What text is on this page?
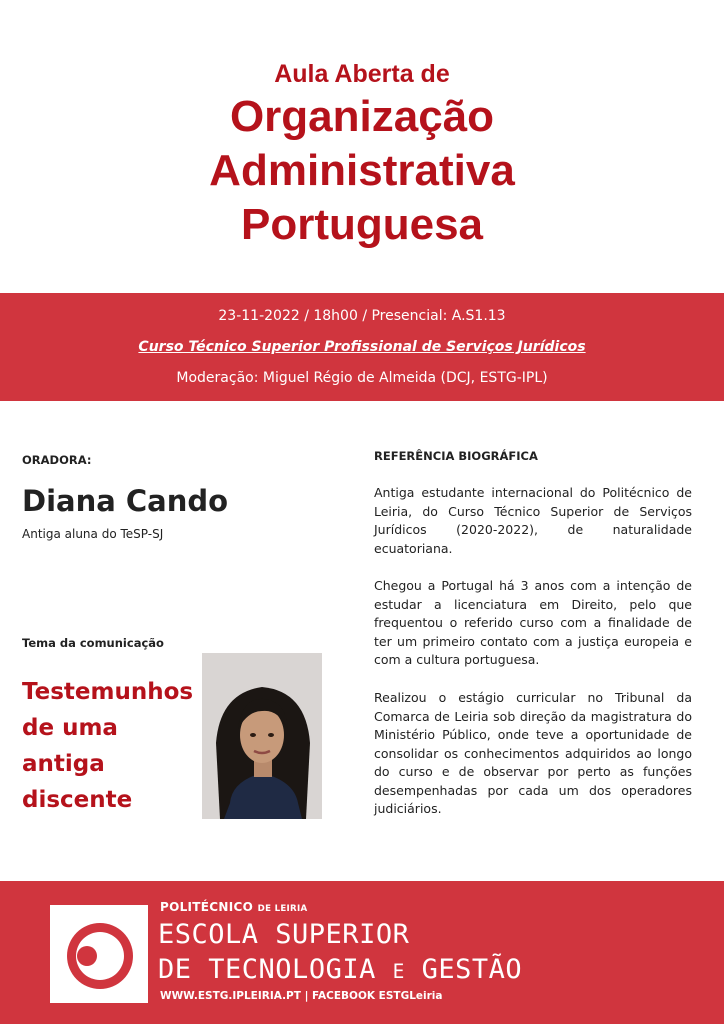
Aula Aberta de
Organização
Administrativa
Portuguesa
23-11-2022 / 18h00 / Presencial: A.S1.13
Curso Técnico Superior Profissional de Serviços Jurídicos
Moderação: Miguel Régio de Almeida (DCJ, ESTG-IPL)
ORADORA:
Diana Cando
Antiga aluna do TeSP-SJ
Tema da comunicação
Testemunhos
de uma
antiga
discente
REFERÊNCIA BIOGRÁFICA

Antiga estudante internacional do Politécnico de Leiria, do Curso Técnico Superior de Serviços Jurídicos (2020-2022), de naturalidade ecuatoriana.

Chegou a Portugal há 3 anos com a intenção de estudar a licenciatura em Direito, pelo que frequentou o referido curso com a finalidade de ter um primeiro contato com a justiça europeia e com a cultura portuguesa.

Realizou o estágio curricular no Tribunal da Comarca de Leiria sob direção da magistratura do Ministério Público, onde teve a oportunidade de consolidar os conhecimentos adquiridos ao longo do curso e de observar por perto as funções desempenhadas por cada um dos operadores judiciários.

POLITÉCNICO DE LEIRIA
ESCOLA SUPERIOR
DE TECNOLOGIA E GESTÃO
WWW.ESTG.IPLEIRIA.PT | FACEBOOK ESTGLeiria
